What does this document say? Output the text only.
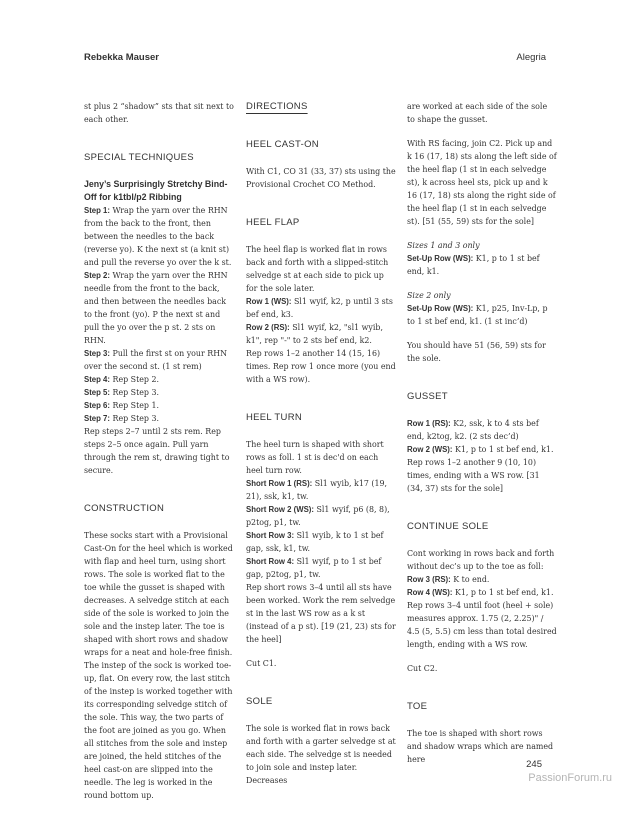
Rebekka Mauser	Alegria

st plus 2 “shadow” sts that sit next to each other.

SPECIAL TECHNIQUES
Jeny’s Surprisingly Stretchy Bind-Off for k1tbl/p2 Ribbing
Step 1: Wrap the yarn over the RHN from the back to the front, then between the needles to the back (reverse yo). K the next st (a knit st) and pull the reverse yo over the k st.
Step 2: Wrap the yarn over the RHN needle from the front to the back, and then between the needles back to the front (yo). P the next st and pull the yo over the p st. 2 sts on RHN.
Step 3: Pull the first st on your RHN over the second st. (1 st rem)
Step 4: Rep Step 2.
Step 5: Rep Step 3.
Step 6: Rep Step 1.
Step 7: Rep Step 3.

Rep steps 2–7 until 2 sts rem. Rep steps 2–5 once again. Pull yarn through the rem st, drawing tight to secure.

CONSTRUCTION

These socks start with a Provisional Cast-On for the heel which is worked with flap and heel turn, using short rows. The sole is worked flat to the toe while the gusset is shaped with decreases. A selvedge stitch at each side of the sole is worked to join the sole and the instep later. The toe is shaped with short rows and shadow wraps for a neat and hole-free finish. The instep of the sock is worked toe-up, flat. On every row, the last stitch of the instep is worked together with its corresponding selvedge stitch of the sole. This way, the two parts of the foot are joined as you go. When all stitches from the sole and instep are joined, the held stitches of the heel cast-on are slipped into the needle. The leg is worked in the round bottom up.

DIRECTIONS
HEEL CAST-ON

With C1, CO 31 (33, 37) sts using the Provisional Crochet CO Method.

HEEL FLAP

The heel flap is worked flat in rows back and forth with a slipped-stitch selvedge st at each side to pick up for the sole later.

Row 1 (WS): Sl1 wyif, k2, p until 3 sts bef end, k3.
Row 2 (RS): Sl1 wyif, k2, "sl1 wyib, k1", rep "-" to 2 sts bef end, k2.

Rep rows 1–2 another 14 (15, 16) times. Rep row 1 once more (you end with a WS row).

HEEL TURN

The heel turn is shaped with short rows as foll. 1 st is dec'd on each heel turn row.

Short Row 1 (RS): Sl1 wyib, k17 (19, 21), ssk, k1, tw.
Short Row 2 (WS): Sl1 wyif, p6 (8, 8), p2tog, p1, tw.
Short Row 3: Sl1 wyib, k to 1 st bef gap, ssk, k1, tw.
Short Row 4: Sl1 wyif, p to 1 st bef gap, p2tog, p1, tw.

Rep short rows 3–4 until all sts have been worked. Work the rem selvedge st in the last WS row as a k st (instead of a p st). [19 (21, 23) sts for the heel]

Cut C1.

SOLE

The sole is worked flat in rows back and forth with a garter selvedge st at each side. The selvedge st is needed to join sole and instep later. Decreases

are worked at each side of the sole to shape the gusset.

With RS facing, join C2. Pick up and k 16 (17, 18) sts along the left side of the heel flap (1 st in each selvedge st), k across heel sts, pick up and k 16 (17, 18) sts along the right side of the heel flap (1 st in each selvedge st). [51 (55, 59) sts for the sole]

Sizes 1 and 3 only

Set-Up Row (WS): K1, p to 1 st bef end, k1.

Size 2 only

Set-Up Row (WS): K1, p25, Inv-Lp, p to 1 st bef end, k1. (1 st inc’d)

You should have 51 (56, 59) sts for the sole.

GUSSET
Row 1 (RS): K2, ssk, k to 4 sts bef end, k2tog, k2. (2 sts dec’d)
Row 2 (WS): K1, p to 1 st bef end, k1.

Rep rows 1–2 another 9 (10, 10) times, ending with a WS row. [31 (34, 37) sts for the sole]

CONTINUE SOLE

Cont working in rows back and forth without dec’s up to the toe as foll:

Row 3 (RS): K to end.
Row 4 (WS): K1, p to 1 st bef end, k1.

Rep rows 3–4 until foot (heel + sole) measures approx. 1.75 (2, 2.25)" / 4.5 (5, 5.5) cm less than total desired length, ending with a WS row.

Cut C2.

TOE

The toe is shaped with short rows and shadow wraps which are named here	245
PassionForum.ru
